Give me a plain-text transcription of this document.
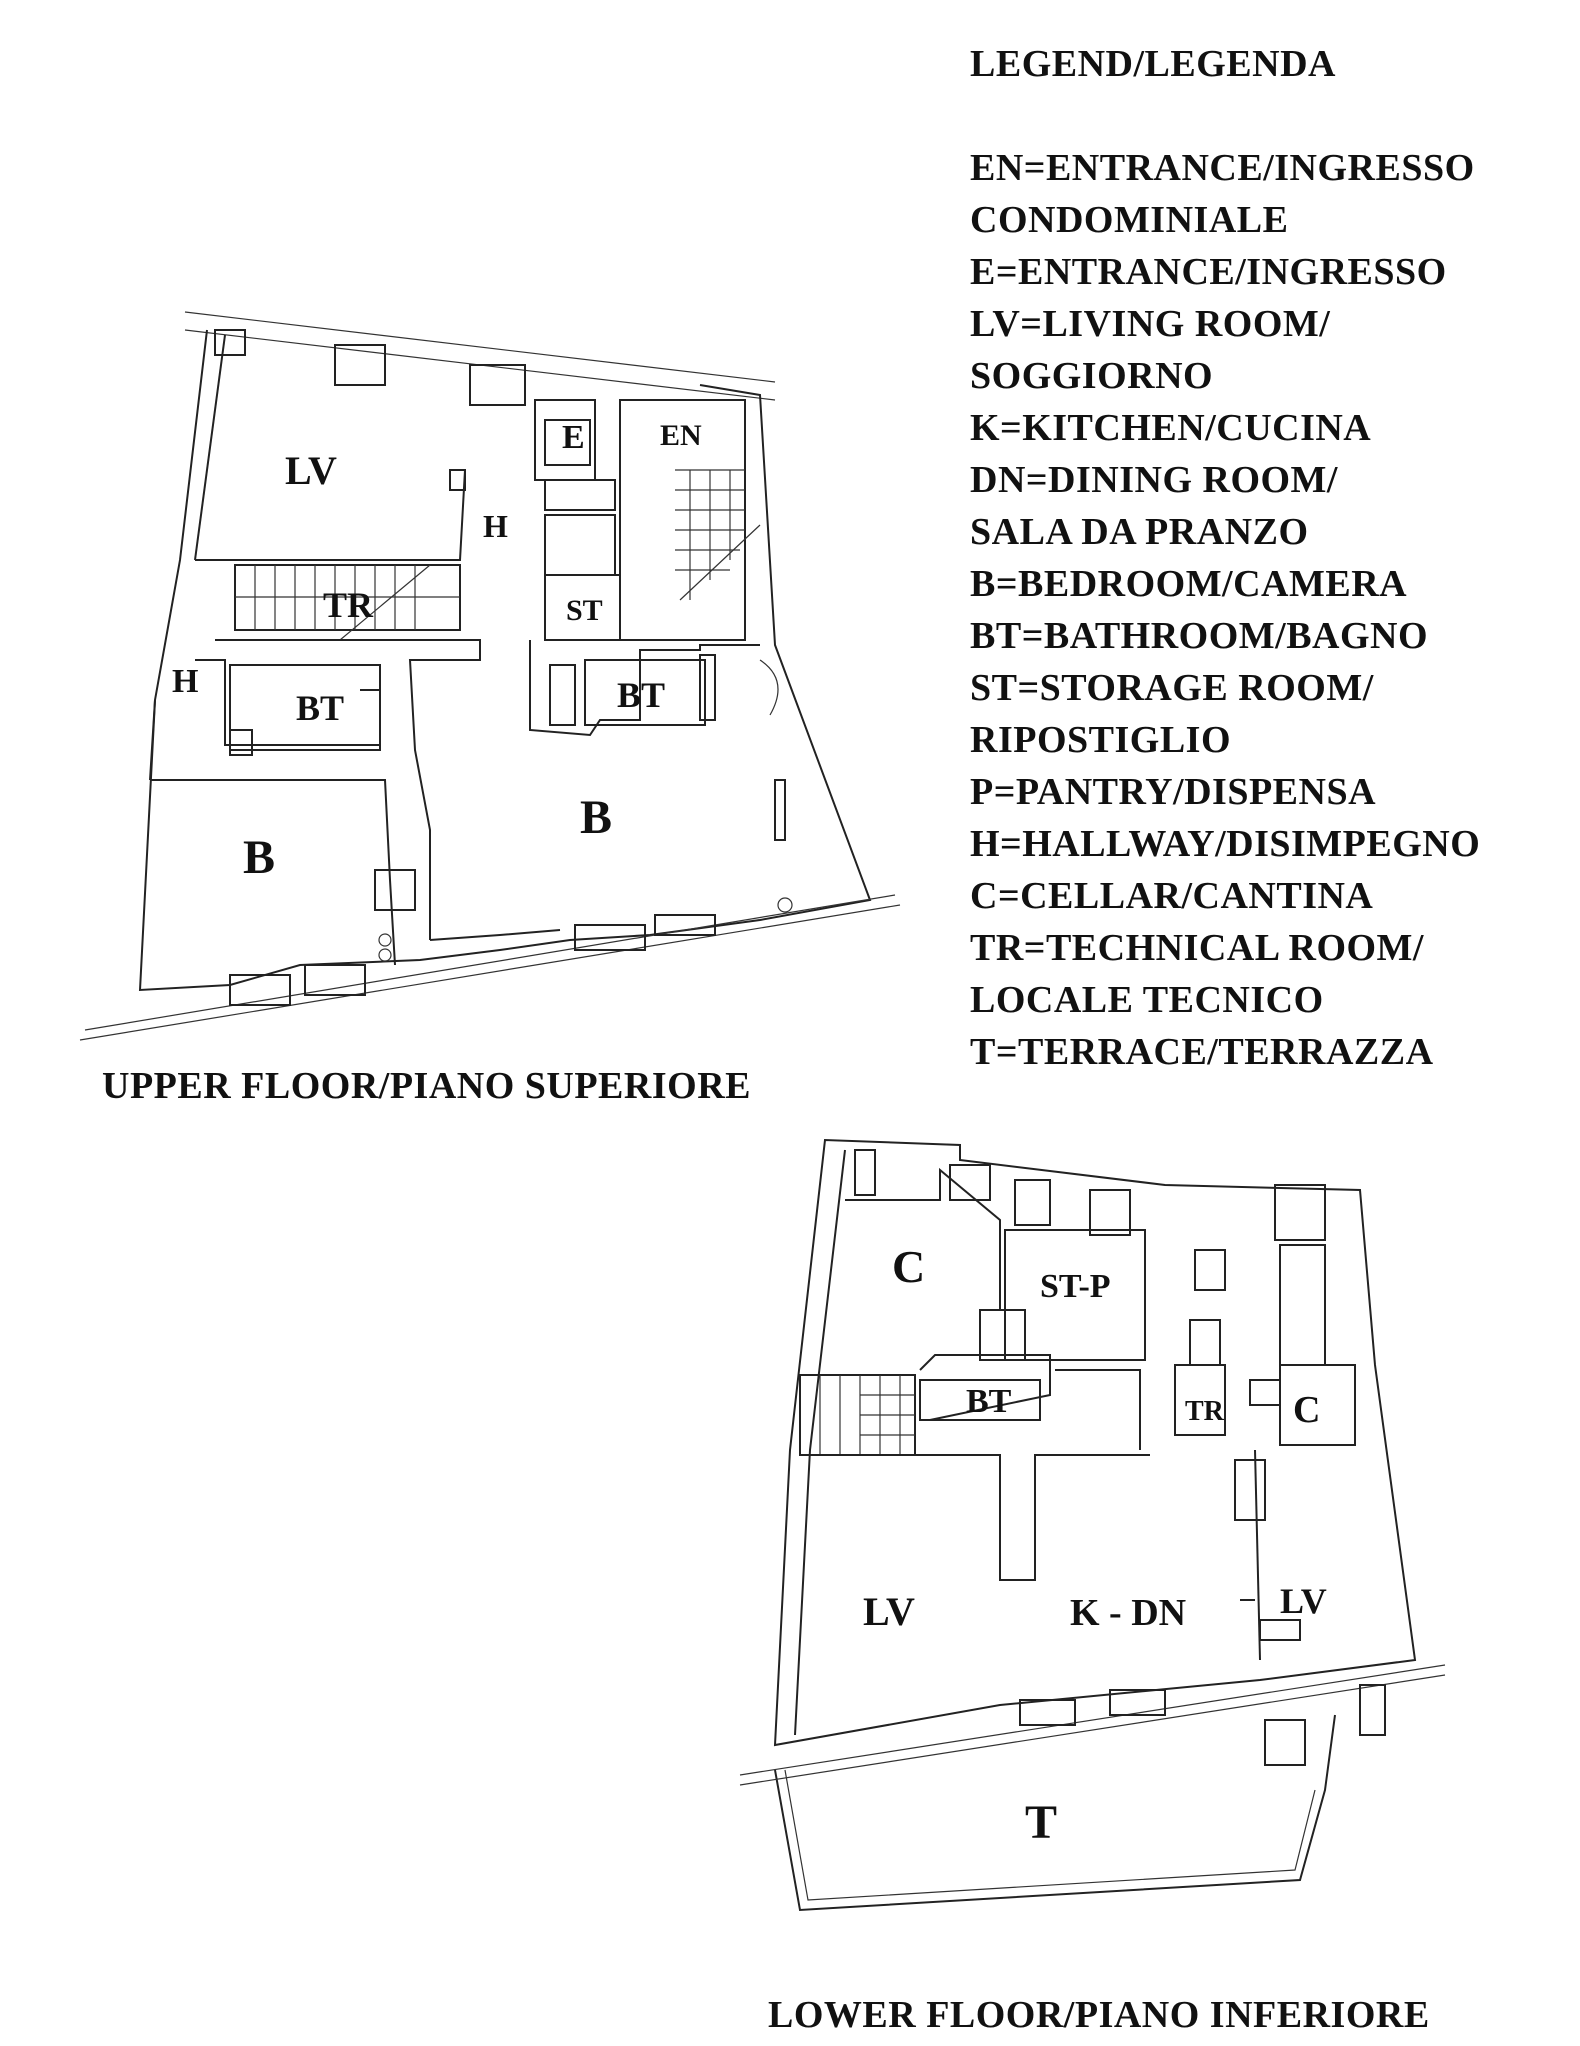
LV
H
E	EN
TR	ST
H
BT	BT
B
B
C	ST-P
BT	TR C
LV	K - DN	LV
T
LEGEND/LEGENDA
EN=ENTRANCE/INGRESSO
CONDOMINIALE
E=ENTRANCE/INGRESSO
LV=LIVING ROOM/
SOGGIORNO
K=KITCHEN/CUCINA
DN=DINING ROOM/
SALA DA PRANZO
B=BEDROOM/CAMERA
BT=BATHROOM/BAGNO
ST=STORAGE ROOM/
RIPOSTIGLIO
P=PANTRY/DISPENSA
H=HALLWAY/DISIMPEGNO
C=CELLAR/CANTINA
TR=TECHNICAL ROOM/
LOCALE TECNICO
T=TERRACE/TERRAZZA
UPPER FLOOR/PIANO SUPERIORE
LOWER FLOOR/PIANO INFERIORE
